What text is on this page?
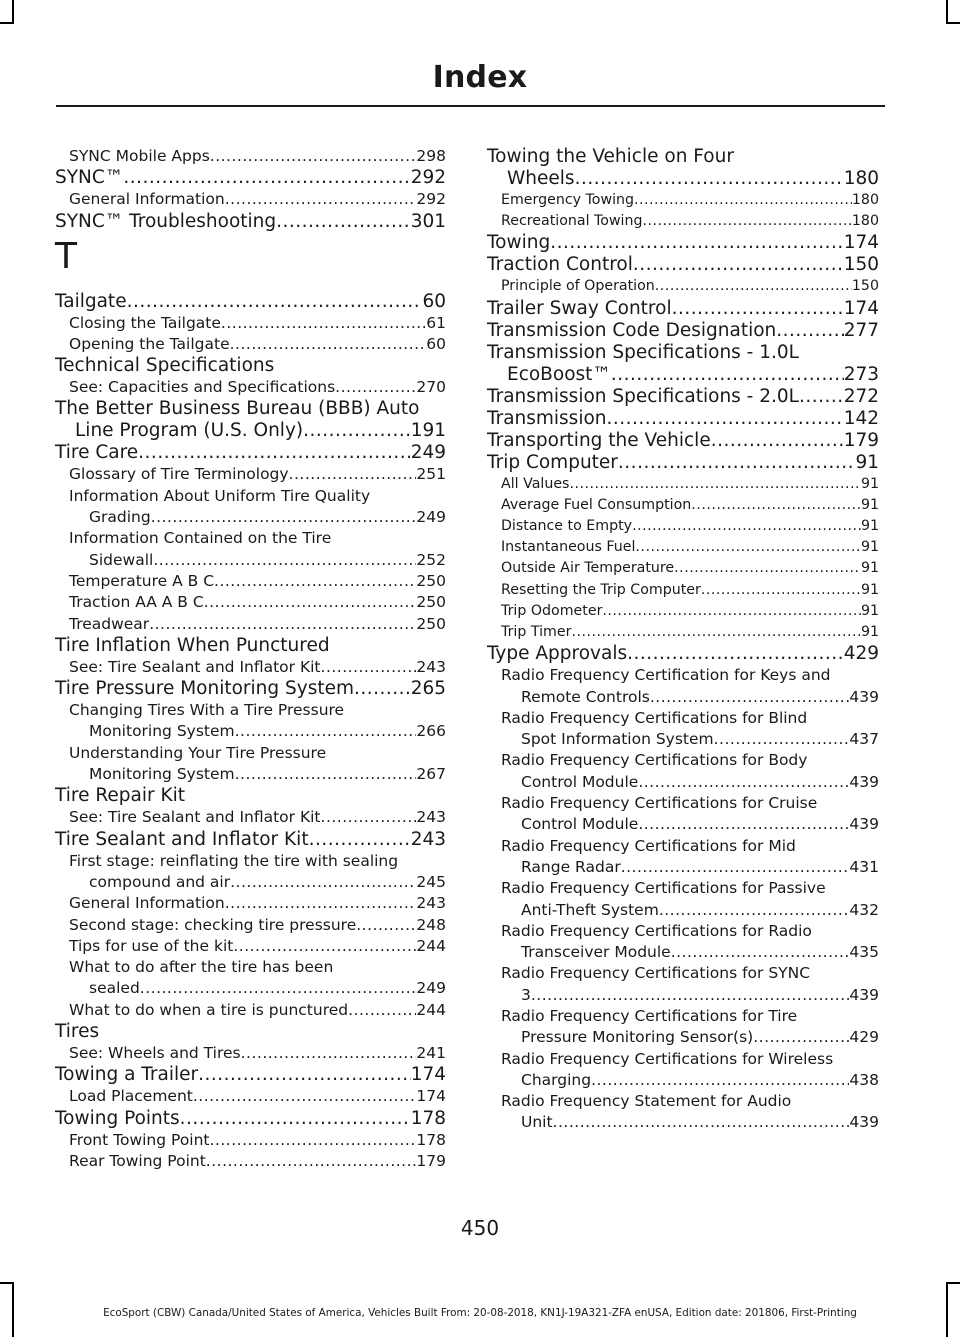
Index
SYNC Mobile Apps .....	298
SYNC™ .....	292
General Information .....	292
SYNC™ Troubleshooting .....	301
T
Tailgate .....	60
Closing the Tailgate .....	61
Opening the Tailgate .....	60
Technical Specifications
See: Capacities and Specifications .....	270
The Better Business Bureau (BBB) Auto
Line Program (U.S. Only) .....	191
Tire Care .....	249
Glossary of Tire Terminology .....	251
Information About Uniform Tire Quality
Grading .....	249
Information Contained on the Tire
Sidewall .....	252
Temperature A B C .....	250
Traction AA A B C .....	250
Treadwear .....	250
Tire Inflation When Punctured
See: Tire Sealant and Inflator Kit .....	243
Tire Pressure Monitoring System .....	265
Changing Tires With a Tire Pressure
Monitoring System .....	266
Understanding Your Tire Pressure
Monitoring System .....	267
Tire Repair Kit
See: Tire Sealant and Inflator Kit .....	243
Tire Sealant and Inflator Kit .....	243
First stage: reinflating the tire with sealing
compound and air .....	245
General Information .....	243
Second stage: checking tire pressure .....	248
Tips for use of the kit .....	244
What to do after the tire has been
sealed .....	249
What to do when a tire is punctured .....	244
Tires
See: Wheels and Tires .....	241
Towing a Trailer .....	174
Load Placement .....	174
Towing Points .....	178
Front Towing Point .....	178
Rear Towing Point .....	179
Towing the Vehicle on Four
Wheels .....	180
Emergency Towing .....	180
Recreational Towing .....	180
Towing .....	174
Traction Control .....	150
Principle of Operation .....	150
Trailer Sway Control .....	174
Transmission Code Designation .....	277
Transmission Specifications - 1.0L
EcoBoost™ .....	273
Transmission Specifications - 2.0L ..... 272
Transmission .....	142
Transporting the Vehicle .....	179
Trip Computer .....	91
All Values .....	91
Average Fuel Consumption .....	91
Distance to Empty .....	91
Instantaneous Fuel .....	91
Outside Air Temperature .....	91
Resetting the Trip Computer .....	91
Trip Odometer .....	91
Trip Timer .....	91
Type Approvals .....	429
Radio Frequency Certification for Keys and
Remote Controls .....	439
Radio Frequency Certifications for Blind
Spot Information System .....	437
Radio Frequency Certifications for Body
Control Module .....	439
Radio Frequency Certifications for Cruise
Control Module .....	439
Radio Frequency Certifications for Mid
Range Radar .....	431
Radio Frequency Certifications for Passive
Anti-Theft System .....	432
Radio Frequency Certifications for Radio
Transceiver Module .....	435
Radio Frequency Certifications for SYNC
3 .....	439
Radio Frequency Certifications for Tire
Pressure Monitoring Sensor(s) .....	429
Radio Frequency Certifications for Wireless
Charging .....	438
Radio Frequency Statement for Audio
Unit .....	439
450
EcoSport (CBW) Canada/United States of America, Vehicles Built From: 20-08-2018, KN1J-19A321-ZFA enUSA, Edition date: 201806, First-Printing
